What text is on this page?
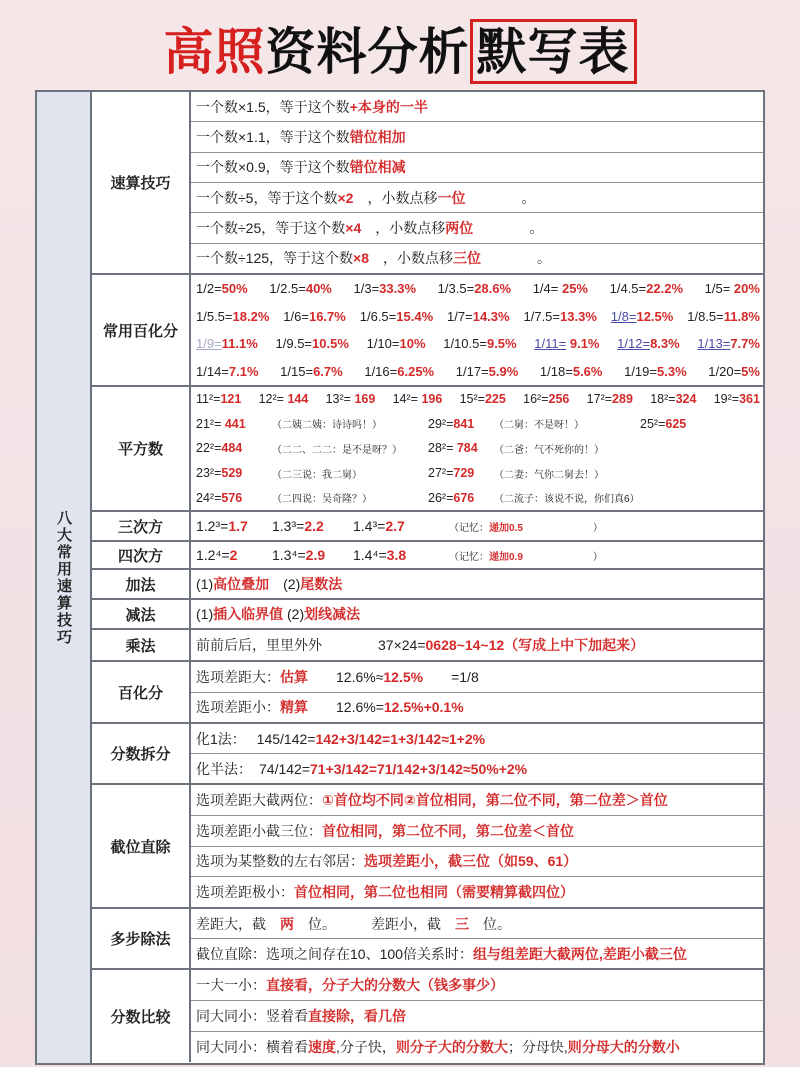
高照资料分析 默写表
八大常用速算技巧
速算技巧
一个数×1.5，等于这个数+本身的一半
一个数×1.1，等于这个数错位相加
一个数×0.9，等于这个数错位相减
一个数÷5，等于这个数×2　，小数点移一位　　　　。
一个数÷25，等于这个数×4　，小数点移两位　　　　。
一个数÷125，等于这个数×8　，小数点移三位　　　　。
常用百化分
1/2=50% 1/2.5=40% 1/3=33.3% 1/3.5=28.6% 1/4= 25% 1/4.5=22.2% 1/5= 20%
1/5.5=18.2% 1/6=16.7% 1/6.5=15.4% 1/7=14.3% 1/7.5=13.3% 1/8=12.5% 1/8.5=11.8%
1/9=11.1% 1/9.5=10.5% 1/10=10% 1/10.5=9.5% 1/11= 9.1% 1/12=8.3% 1/13=7.7%
1/14=7.1% 1/15=6.7% 1/16=6.25% 1/17=5.9% 1/18=5.6% 1/19=5.3% 1/20=5%
平方数
11²=121 12²= 144 13²= 169 14²= 196 15²=225 16²=256 17²=289 18²=324 19²=361
21²= 441	（二姨二姨：诗诗吗！）	29²=841	（二舅：不是呀！）	25²=625
22²=484	（二二、二二：是不是呀？）	28²= 784	（二爸：气不死你的！）
23²=529	（二三说：我二舅）	27²=729	（二妻：气你二舅去！）
24²=576	（二四说：吴奇隆？）	26²=676	（二流子：该说不说，你们真6）
三次方	1.2³=1.7	1.3³=2.2	1.4³=2.7	（记忆：递加0.5　　　　　　　）
四次方	1.2⁴=2	1.3⁴=2.9	1.4⁴=3.8	（记忆：递加0.9　　　　　　　）
加法	(1)高位叠加　(2)尾数法
减法	(1)插入临界值 (2)划线减法
乘法	前前后后，里里外外　　　　37×24=0628~14~12（写成上中下加起来）
百化分
选项差距大：估算　　12.6%≈12.5%　　=1/8
选项差距小：精算　　12.6%=12.5%+0.1%
分数拆分
化1法：　 145/142=142+3/142=1+3/142≈1+2%
化半法：　74/142=71+3/142=71/142+3/142≈50%+2%
截位直除
选项差距大截两位：①首位均不同②首位相同，第二位不同，第二位差＞首位
选项差距小截三位：首位相同，第二位不同，第二位差＜首位
选项为某整数的左右邻居：选项差距小，截三位（如59、61）
选项差距极小：首位相同，第二位也相同（需要精算截四位）
多步除法
差距大，截　两　位。　　　差距小，截　三　位。
截位直除：选项之间存在10、100倍关系时：组与组差距大截两位,差距小截三位
分数比较
一大一小：直接看，分子大的分数大（钱多事少）
同大同小：竖着看直接除，看几倍
同大同小：横着看速度,分子快，则分子大的分数大；分母快,则分母大的分数小
